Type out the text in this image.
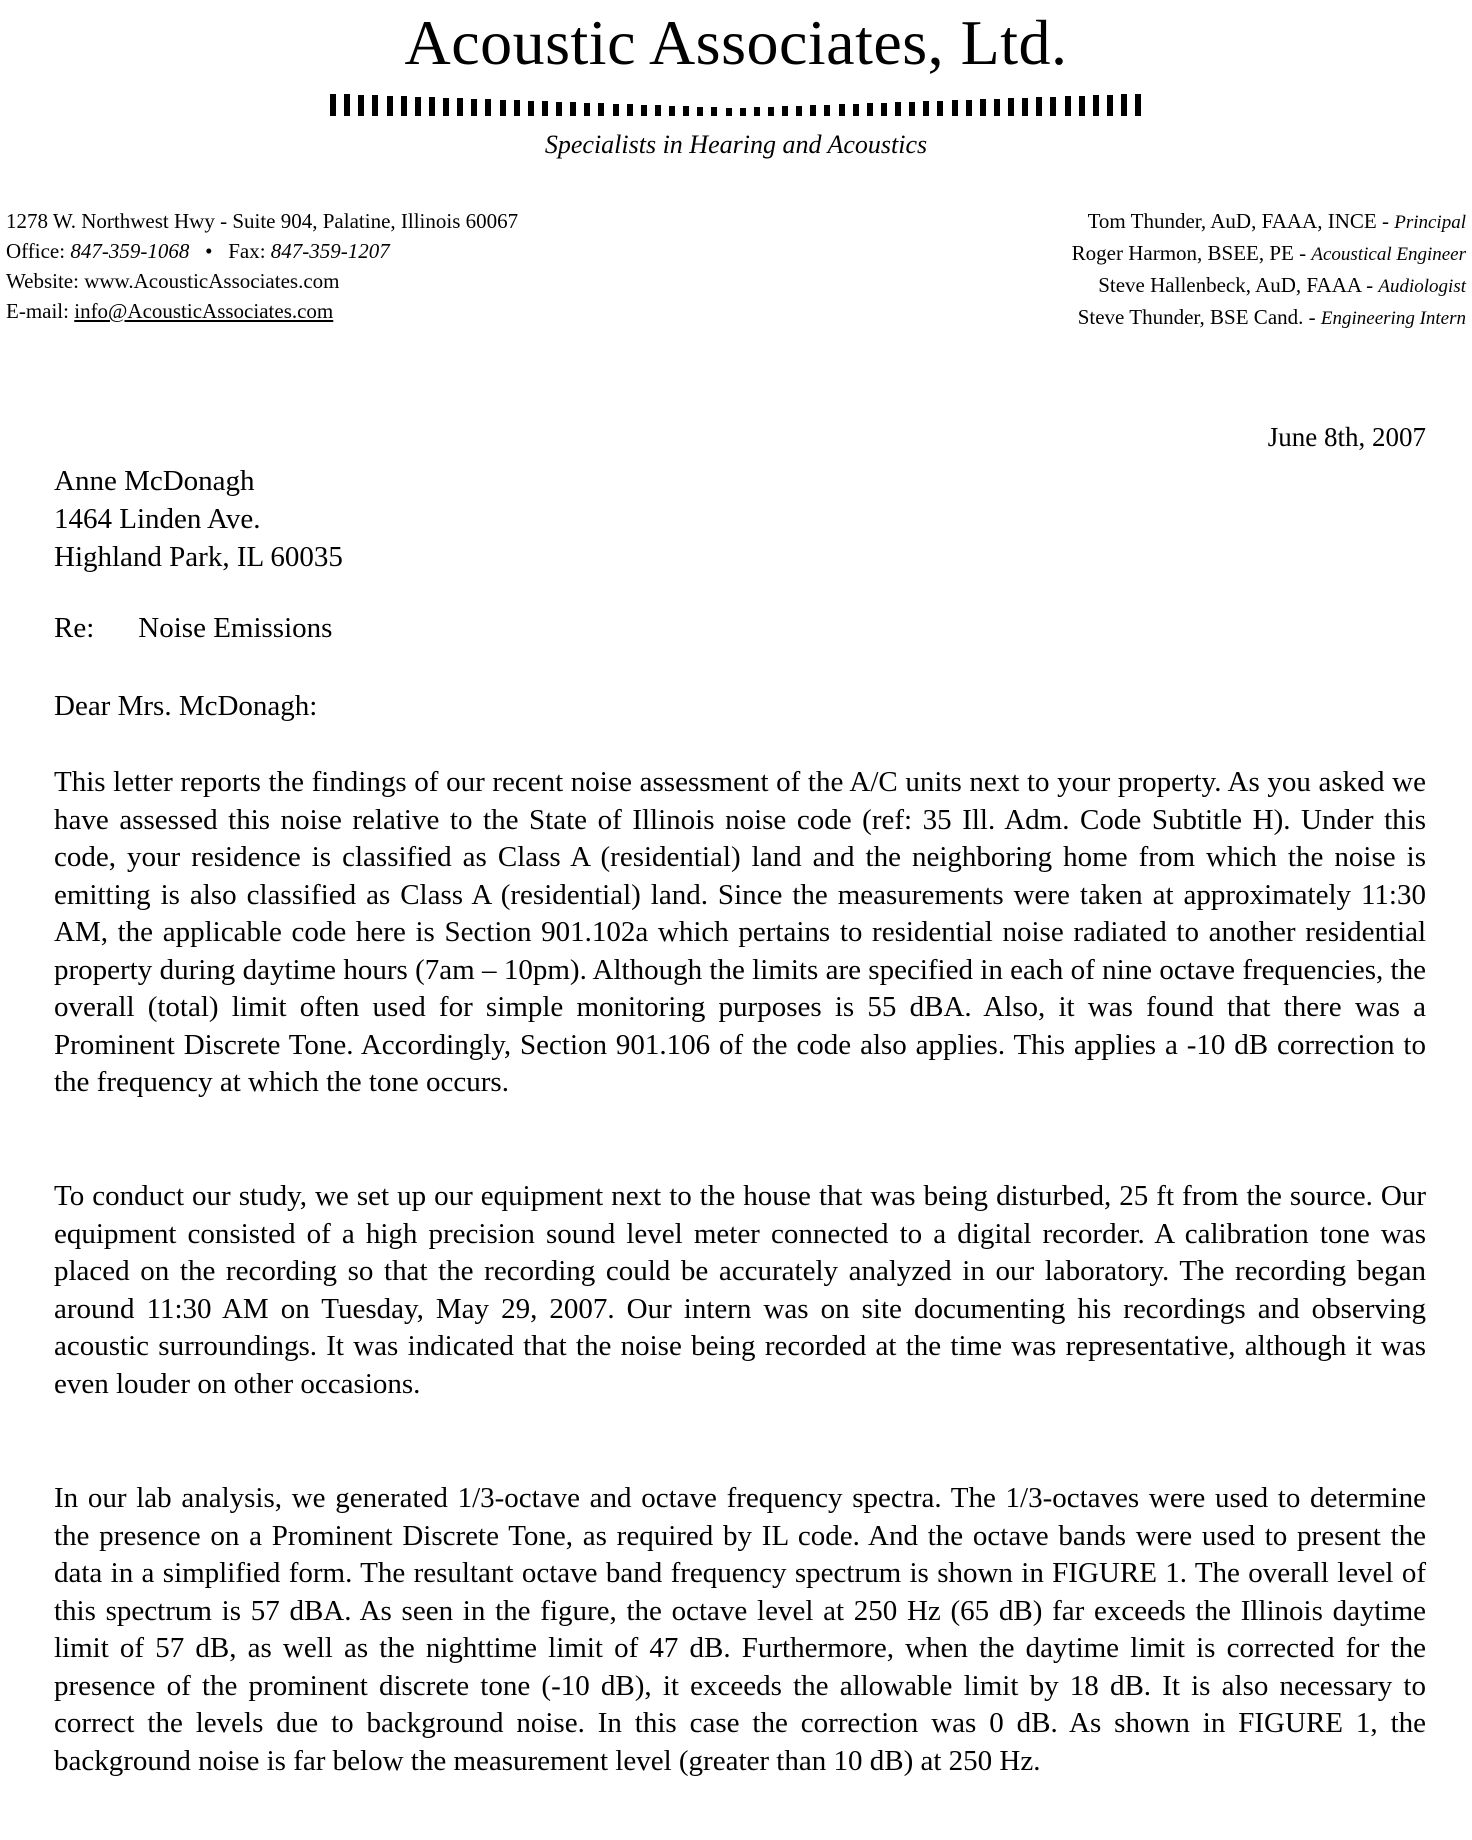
Acoustic Associates, Ltd.
Specialists in Hearing and Acoustics
1278 W. Northwest Hwy - Suite 904, Palatine, Illinois 60067
Office: 847-359-1068 • Fax: 847-359-1207
Website: www.AcousticAssociates.com
E-mail: info@AcousticAssociates.com
Tom Thunder, AuD, FAAA, INCE - Principal
Roger Harmon, BSEE, PE - Acoustical Engineer
Steve Hallenbeck, AuD, FAAA - Audiologist
Steve Thunder, BSE Cand. - Engineering Intern
June 8th, 2007
Anne McDonagh
1464 Linden Ave.
Highland Park, IL 60035
Re: Noise Emissions
Dear Mrs. McDonagh:
This letter reports the findings of our recent noise assessment of the A/C units next to your property. As you asked we have assessed this noise relative to the State of Illinois noise code (ref: 35 Ill. Adm. Code Subtitle H). Under this code, your residence is classified as Class A (residential) land and the neighboring home from which the noise is emitting is also classified as Class A (residential) land. Since the measurements were taken at approximately 11:30 AM, the applicable code here is Section 901.102a which pertains to residential noise radiated to another residential property during daytime hours (7am – 10pm). Although the limits are specified in each of nine octave frequencies, the overall (total) limit often used for simple monitoring purposes is 55 dBA. Also, it was found that there was a Prominent Discrete Tone. Accordingly, Section 901.106 of the code also applies. This applies a -10 dB correction to the frequency at which the tone occurs.
To conduct our study, we set up our equipment next to the house that was being disturbed, 25 ft from the source. Our equipment consisted of a high precision sound level meter connected to a digital recorder. A calibration tone was placed on the recording so that the recording could be accurately analyzed in our laboratory. The recording began around 11:30 AM on Tuesday, May 29, 2007. Our intern was on site documenting his recordings and observing acoustic surroundings. It was indicated that the noise being recorded at the time was representative, although it was even louder on other occasions.
In our lab analysis, we generated 1/3-octave and octave frequency spectra. The 1/3-octaves were used to determine the presence on a Prominent Discrete Tone, as required by IL code. And the octave bands were used to present the data in a simplified form. The resultant octave band frequency spectrum is shown in FIGURE 1. The overall level of this spectrum is 57 dBA. As seen in the figure, the octave level at 250 Hz (65 dB) far exceeds the Illinois daytime limit of 57 dB, as well as the nighttime limit of 47 dB. Furthermore, when the daytime limit is corrected for the presence of the prominent discrete tone (-10 dB), it exceeds the allowable limit by 18 dB. It is also necessary to correct the levels due to background noise. In this case the correction was 0 dB. As shown in FIGURE 1, the background noise is far below the measurement level (greater than 10 dB) at 250 Hz.
